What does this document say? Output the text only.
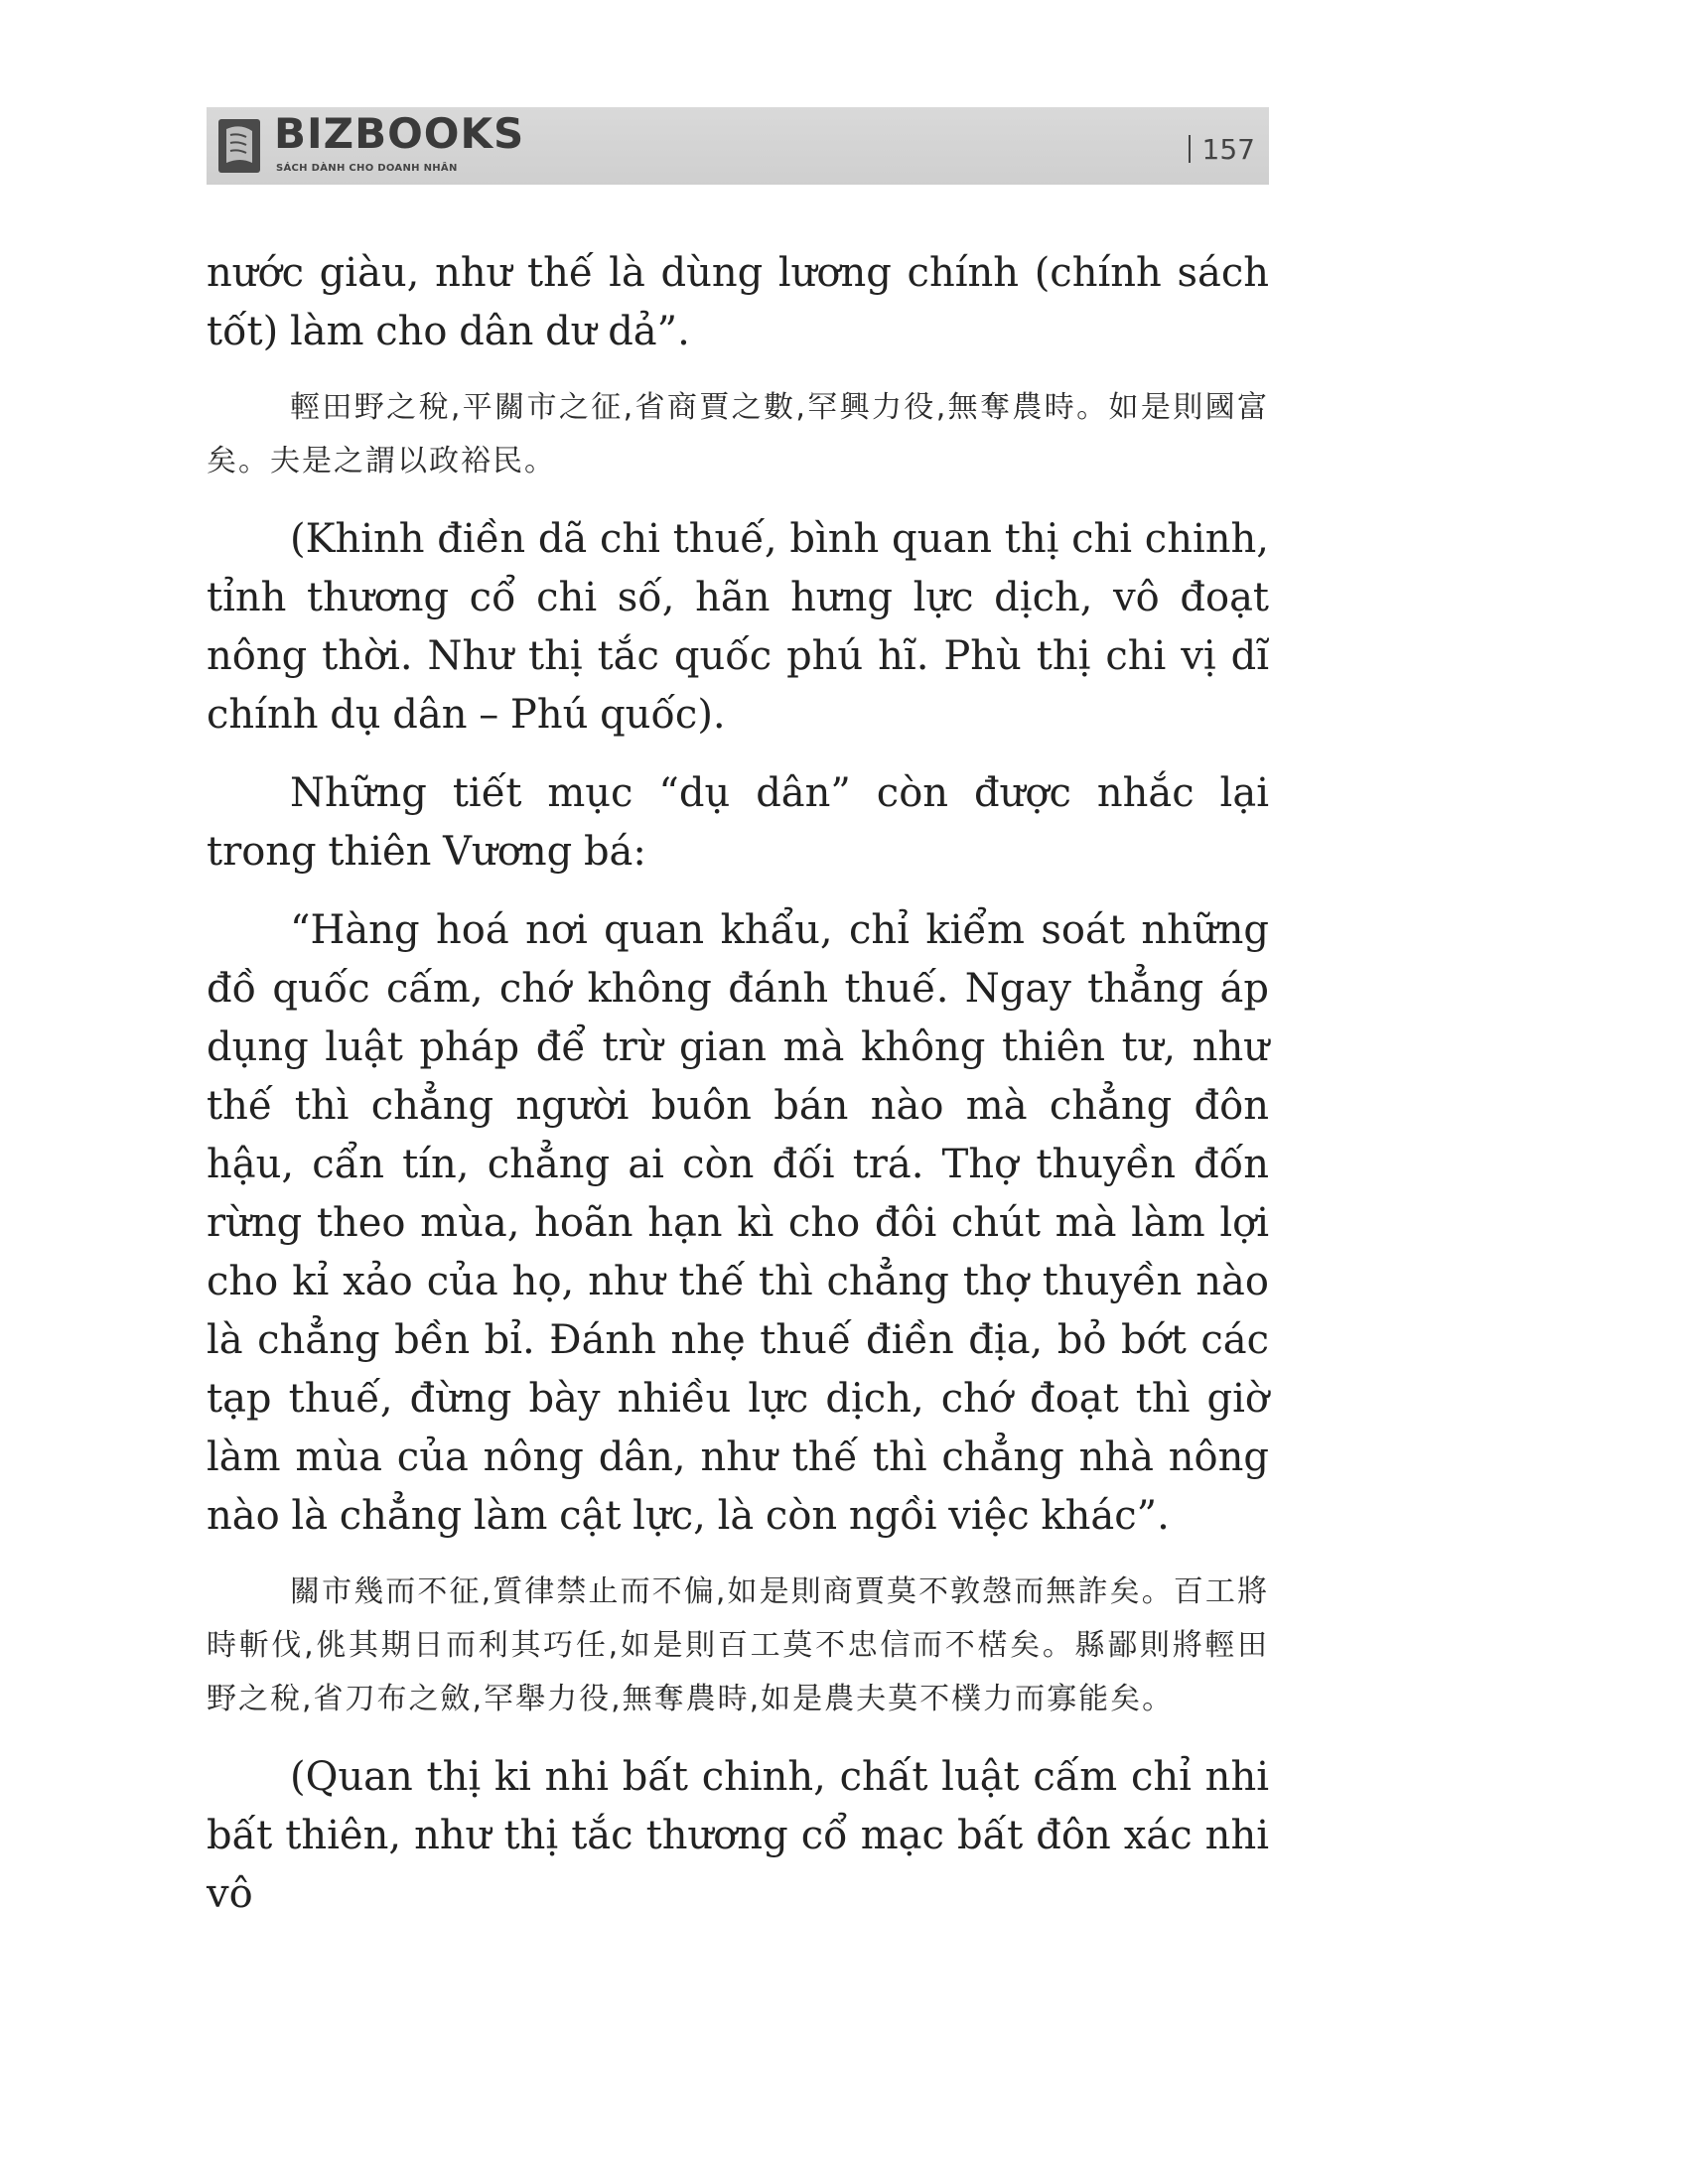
BIZBOOKS
SÁCH DÀNH CHO DOANH NHÂN
157

nước giàu, như thế là dùng lương chính (chính sách tốt) làm cho dân dư dả”.

輕田野之稅,平關市之征,省商賈之數,罕興力役,無奪農時。如是則國富矣。夫是之謂以政裕民。

(Khinh điền dã chi thuế, bình quan thị chi chinh, tỉnh thương cổ chi số, hãn hưng lực dịch, vô đoạt nông thời. Như thị tắc quốc phú hĩ. Phù thị chi vị dĩ chính dụ dân – Phú quốc).

Những tiết mục “dụ dân” còn được nhắc lại trong thiên Vương bá:

“Hàng hoá nơi quan khẩu, chỉ kiểm soát những đồ quốc cấm, chớ không đánh thuế. Ngay thẳng áp dụng luật pháp để trừ gian mà không thiên tư, như thế thì chẳng người buôn bán nào mà chẳng đôn hậu, cẩn tín, chẳng ai còn đối trá. Thợ thuyền đốn rừng theo mùa, hoãn hạn kì cho đôi chút mà làm lợi cho kỉ xảo của họ, như thế thì chẳng thợ thuyền nào là chẳng bền bỉ. Đánh nhẹ thuế điền địa, bỏ bớt các tạp thuế, đừng bày nhiều lực dịch, chớ đoạt thì giờ làm mùa của nông dân, như thế thì chẳng nhà nông nào là chẳng làm cật lực, là còn ngồi việc khác”.

關市幾而不征,質律禁止而不偏,如是則商賈莫不敦愨而無詐矣。百工將時斬伐,佻其期日而利其巧任,如是則百工莫不忠信而不楛矣。縣鄙則將輕田野之稅,省刀布之斂,罕舉力役,無奪農時,如是農夫莫不樸力而寡能矣。

(Quan thị ki nhi bất chinh, chất luật cấm chỉ nhi bất thiên, như thị tắc thương cổ mạc bất đôn xác nhi vô
